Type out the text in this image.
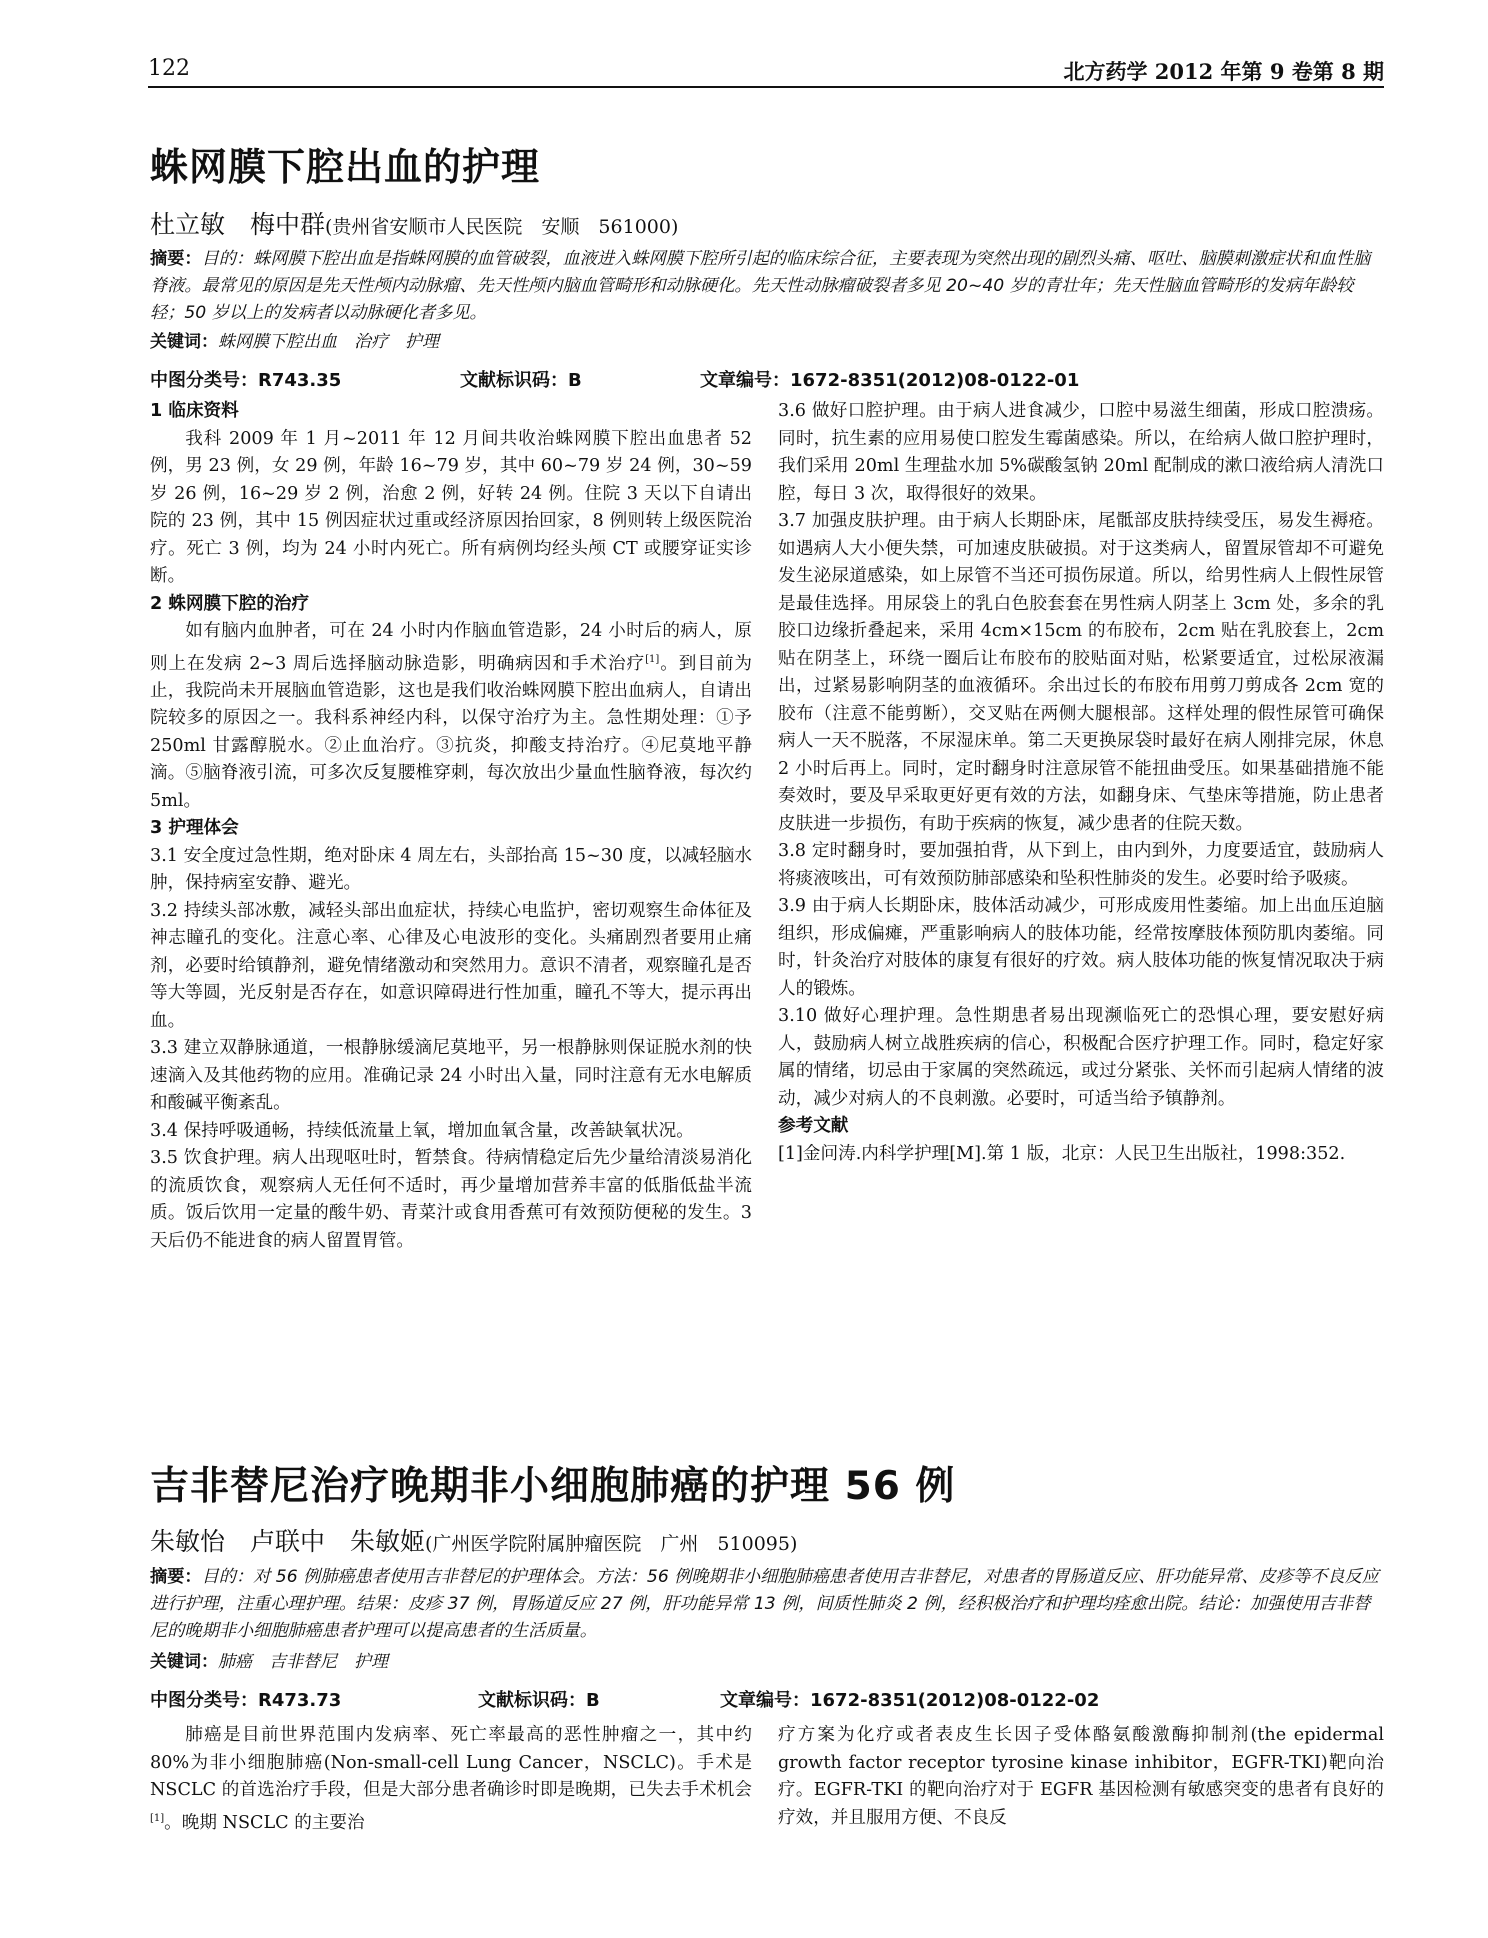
122	北方药学 2012 年第 9 卷第 8 期
蛛网膜下腔出血的护理
杜立敏　梅中群(贵州省安顺市人民医院　安顺　561000)
摘要：目的：蛛网膜下腔出血是指蛛网膜的血管破裂，血液进入蛛网膜下腔所引起的临床综合征，主要表现为突然出现的剧烈头痛、呕吐、脑膜刺激症状和血性脑脊液。最常见的原因是先天性颅内动脉瘤、先天性颅内脑血管畸形和动脉硬化。先天性动脉瘤破裂者多见 20~40 岁的青壮年；先天性脑血管畸形的发病年龄较轻；50 岁以上的发病者以动脉硬化者多见。
关键词：蛛网膜下腔出血　治疗　护理
中图分类号：R743.35	文献标识码：B	文章编号：1672-8351(2012)08-0122-01
1 临床资料

我科 2009 年 1 月~2011 年 12 月间共收治蛛网膜下腔出血患者 52 例，男 23 例，女 29 例，年龄 16~79 岁，其中 60~79 岁 24 例，30~59 岁 26 例，16~29 岁 2 例，治愈 2 例，好转 24 例。住院 3 天以下自请出院的 23 例，其中 15 例因症状过重或经济原因抬回家，8 例则转上级医院治疗。死亡 3 例，均为 24 小时内死亡。所有病例均经头颅 CT 或腰穿证实诊断。

2 蛛网膜下腔的治疗

如有脑内血肿者，可在 24 小时内作脑血管造影，24 小时后的病人，原则上在发病 2~3 周后选择脑动脉造影，明确病因和手术治疗[1]。到目前为止，我院尚未开展脑血管造影，这也是我们收治蛛网膜下腔出血病人，自请出院较多的原因之一。我科系神经内科，以保守治疗为主。急性期处理：①予 250ml 甘露醇脱水。②止血治疗。③抗炎，抑酸支持治疗。④尼莫地平静滴。⑤脑脊液引流，可多次反复腰椎穿刺，每次放出少量血性脑脊液，每次约 5ml。

3 护理体会

3.1 安全度过急性期，绝对卧床 4 周左右，头部抬高 15~30 度，以减轻脑水肿，保持病室安静、避光。

3.2 持续头部冰敷，减轻头部出血症状，持续心电监护，密切观察生命体征及神志瞳孔的变化。注意心率、心律及心电波形的变化。头痛剧烈者要用止痛剂，必要时给镇静剂，避免情绪激动和突然用力。意识不清者，观察瞳孔是否等大等圆，光反射是否存在，如意识障碍进行性加重，瞳孔不等大，提示再出血。

3.3 建立双静脉通道，一根静脉缓滴尼莫地平，另一根静脉则保证脱水剂的快速滴入及其他药物的应用。准确记录 24 小时出入量，同时注意有无水电解质和酸碱平衡紊乱。

3.4 保持呼吸通畅，持续低流量上氧，增加血氧含量，改善缺氧状况。

3.5 饮食护理。病人出现呕吐时，暂禁食。待病情稳定后先少量给清淡易消化的流质饮食，观察病人无任何不适时，再少量增加营养丰富的低脂低盐半流质。饭后饮用一定量的酸牛奶、青菜汁或食用香蕉可有效预防便秘的发生。3 天后仍不能进食的病人留置胃管。

3.6 做好口腔护理。由于病人进食减少，口腔中易滋生细菌，形成口腔溃疡。同时，抗生素的应用易使口腔发生霉菌感染。所以，在给病人做口腔护理时，我们采用 20ml 生理盐水加 5%碳酸氢钠 20ml 配制成的漱口液给病人清洗口腔，每日 3 次，取得很好的效果。

3.7 加强皮肤护理。由于病人长期卧床，尾骶部皮肤持续受压，易发生褥疮。如遇病人大小便失禁，可加速皮肤破损。对于这类病人，留置尿管却不可避免发生泌尿道感染，如上尿管不当还可损伤尿道。所以，给男性病人上假性尿管是最佳选择。用尿袋上的乳白色胶套套在男性病人阴茎上 3cm 处，多余的乳胶口边缘折叠起来，采用 4cm×15cm 的布胶布，2cm 贴在乳胶套上，2cm 贴在阴茎上，环绕一圈后让布胶布的胶贴面对贴，松紧要适宜，过松尿液漏出，过紧易影响阴茎的血液循环。余出过长的布胶布用剪刀剪成各 2cm 宽的胶布（注意不能剪断），交叉贴在两侧大腿根部。这样处理的假性尿管可确保病人一天不脱落，不尿湿床单。第二天更换尿袋时最好在病人刚排完尿，休息 2 小时后再上。同时，定时翻身时注意尿管不能扭曲受压。如果基础措施不能奏效时，要及早采取更好更有效的方法，如翻身床、气垫床等措施，防止患者皮肤进一步损伤，有助于疾病的恢复，减少患者的住院天数。

3.8 定时翻身时，要加强拍背，从下到上，由内到外，力度要适宜，鼓励病人将痰液咳出，可有效预防肺部感染和坠积性肺炎的发生。必要时给予吸痰。

3.9 由于病人长期卧床，肢体活动减少，可形成废用性萎缩。加上出血压迫脑组织，形成偏瘫，严重影响病人的肢体功能，经常按摩肢体预防肌肉萎缩。同时，针灸治疗对肢体的康复有很好的疗效。病人肢体功能的恢复情况取决于病人的锻炼。

3.10 做好心理护理。急性期患者易出现濒临死亡的恐惧心理，要安慰好病人，鼓励病人树立战胜疾病的信心，积极配合医疗护理工作。同时，稳定好家属的情绪，切忌由于家属的突然疏远，或过分紧张、关怀而引起病人情绪的波动，减少对病人的不良刺激。必要时，可适当给予镇静剂。

参考文献

[1]金问涛.内科学护理[M].第 1 版，北京：人民卫生出版社，1998:352.

吉非替尼治疗晚期非小细胞肺癌的护理 56 例
朱敏怡　卢联中　朱敏姬(广州医学院附属肿瘤医院　广州　510095)
摘要：目的：对 56 例肺癌患者使用吉非替尼的护理体会。方法：56 例晚期非小细胞肺癌患者使用吉非替尼，对患者的胃肠道反应、肝功能异常、皮疹等不良反应进行护理，注重心理护理。结果：皮疹 37 例，胃肠道反应 27 例，肝功能异常 13 例，间质性肺炎 2 例，经积极治疗和护理均痊愈出院。结论：加强使用吉非替尼的晚期非小细胞肺癌患者护理可以提高患者的生活质量。
关键词：肺癌　吉非替尼　护理
中图分类号：R473.73	文献标识码：B	文章编号：1672-8351(2012)08-0122-02

肺癌是目前世界范围内发病率、死亡率最高的恶性肿瘤之一，其中约 80%为非小细胞肺癌(Non-small-cell Lung Cancer，NSCLC)。手术是 NSCLC 的首选治疗手段，但是大部分患者确诊时即是晚期，已失去手术机会[1]。晚期 NSCLC 的主要治

疗方案为化疗或者表皮生长因子受体酪氨酸激酶抑制剂(the epidermal growth factor receptor tyrosine kinase inhibitor，EGFR-TKI)靶向治疗。EGFR-TKI 的靶向治疗对于 EGFR 基因检测有敏感突变的患者有良好的疗效，并且服用方便、不良反
